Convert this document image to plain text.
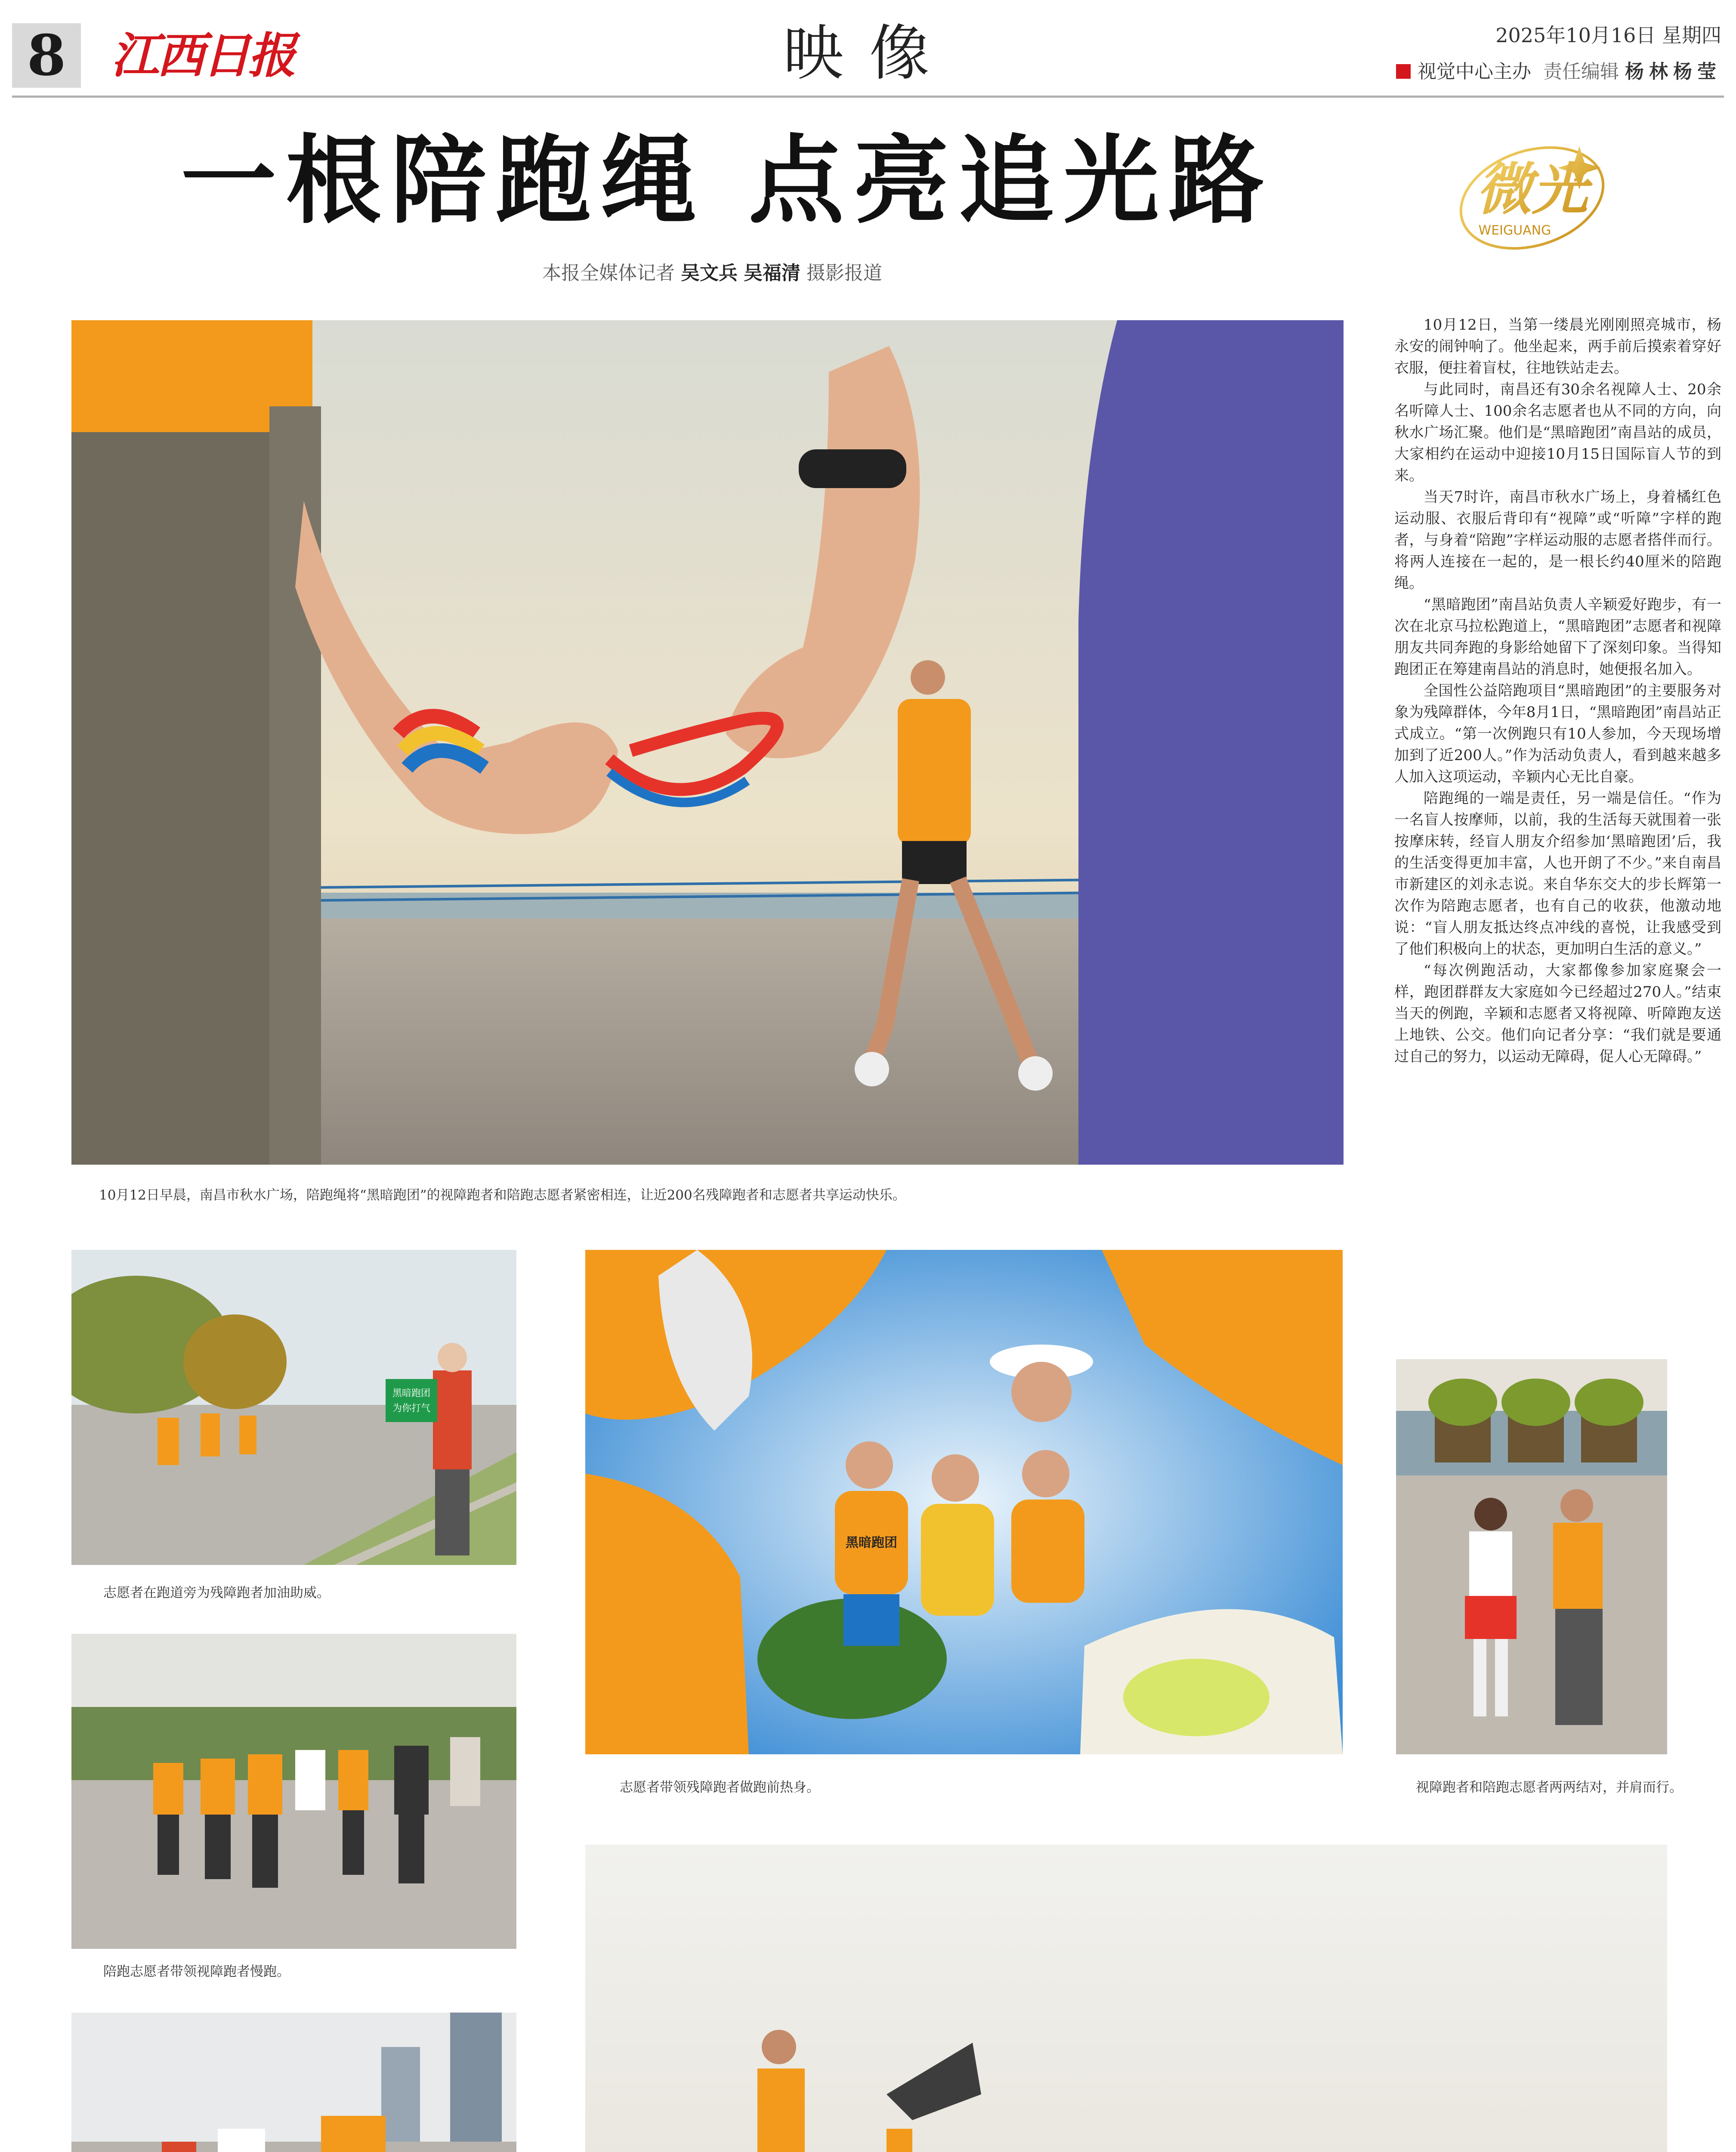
8 江西日报	映像	2025年10月16日 星期四
视觉中心主办 责任编辑 杨林杨莹
一根陪跑绳 点亮追光路	微光
WEIGUANG
本报全媒体记者 吴文兵 吴福清 摄影报道
10月12日早晨，南昌市秋水广场，陪跑绳将“黑暗跑团”的视障跑者和陪跑志愿者紧密相连，让近200名残障跑者和志愿者共享运动快乐。
黑暗跑团
为你打气
志愿者在跑道旁为残障跑者加油助威。
陪跑志愿者带领视障跑者慢跑。
黑暗跑团
志愿者带领残障跑者做跑前热身。	视障跑者和陪跑志愿者两两结对，并肩而行。

10月12日，当第一缕晨光刚刚照亮城市，杨永安的闹钟响了。他坐起来，两手前后摸索着穿好衣服，便拄着盲杖，往地铁站走去。

与此同时，南昌还有30余名视障人士、20余名听障人士、100余名志愿者也从不同的方向，向秋水广场汇聚。他们是“黑暗跑团”南昌站的成员，大家相约在运动中迎接10月15日国际盲人节的到来。

当天7时许，南昌市秋水广场上，身着橘红色运动服、衣服后背印有“视障”或“听障”字样的跑者，与身着“陪跑”字样运动服的志愿者搭伴而行。将两人连接在一起的，是一根长约40厘米的陪跑绳。

“黑暗跑团”南昌站负责人辛颖爱好跑步，有一次在北京马拉松跑道上，“黑暗跑团”志愿者和视障朋友共同奔跑的身影给她留下了深刻印象。当得知跑团正在筹建南昌站的消息时，她便报名加入。

全国性公益陪跑项目“黑暗跑团”的主要服务对象为残障群体，今年8月1日，“黑暗跑团”南昌站正式成立。“第一次例跑只有10人参加，今天现场增加到了近200人。”作为活动负责人，看到越来越多人加入这项运动，辛颖内心无比自豪。

陪跑绳的一端是责任，另一端是信任。“作为一名盲人按摩师，以前，我的生活每天就围着一张按摩床转，经盲人朋友介绍参加‘黑暗跑团’后，我的生活变得更加丰富，人也开朗了不少。”来自南昌市新建区的刘永志说。来自华东交大的步长辉第一次作为陪跑志愿者，也有自己的收获，他激动地说：“盲人朋友抵达终点冲线的喜悦，让我感受到了他们积极向上的状态，更加明白生活的意义。”

“每次例跑活动，大家都像参加家庭聚会一样，跑团群群友大家庭如今已经超过270人。”结束当天的例跑，辛颖和志愿者又将视障、听障跑友送上地铁、公交。他们向记者分享：“我们就是要通过自己的努力，以运动无障碍，促人心无障碍。”
